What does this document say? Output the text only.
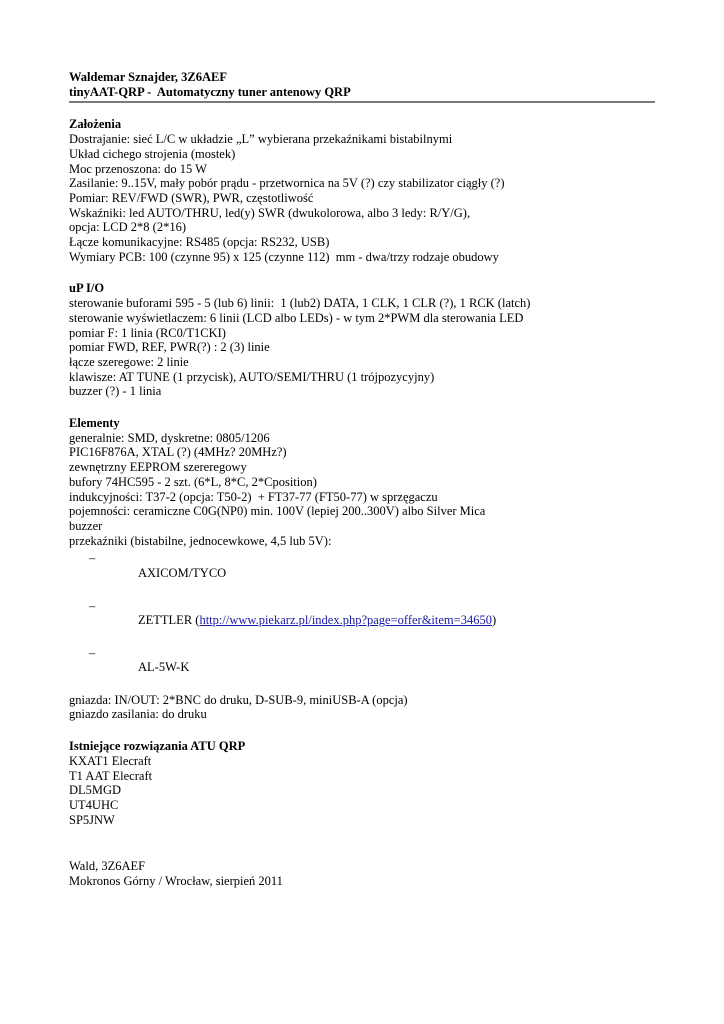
Waldemar Sznajder, 3Z6AEF
tinyAAT-QRP -  Automatyczny tuner antenowy QRP
Założenia
Dostrajanie: sieć L/C w układzie „L” wybierana przekaźnikami bistabilnymi
Układ cichego strojenia (mostek)
Moc przenoszona: do 15 W
Zasilanie: 9..15V, mały pobór prądu - przetwornica na 5V (?) czy stabilizator ciągły (?)
Pomiar: REV/FWD (SWR), PWR, częstotliwość
Wskaźniki: led AUTO/THRU, led(y) SWR (dwukolorowa, albo 3 ledy: R/Y/G),
opcja: LCD 2*8 (2*16)
Łącze komunikacyjne: RS485 (opcja: RS232, USB)
Wymiary PCB: 100 (czynne 95) x 125 (czynne 112)  mm - dwa/trzy rodzaje obudowy
uP I/O
sterowanie buforami 595 - 5 (lub 6) linii:  1 (lub2) DATA, 1 CLK, 1 CLR (?), 1 RCK (latch)
sterowanie wyświetlaczem: 6 linii (LCD albo LEDs) - w tym 2*PWM dla sterowania LED
pomiar F: 1 linia (RC0/T1CKI)
pomiar FWD, REF, PWR(?) : 2 (3) linie
łącze szeregowe: 2 linie
klawisze: AT TUNE (1 przycisk), AUTO/SEMI/THRU (1 trójpozycyjny)
buzzer (?) - 1 linia
Elementy
generalnie: SMD, dyskretne: 0805/1206
PIC16F876A, XTAL (?) (4MHz? 20MHz?)
zewnętrzny EEPROM szereregowy
bufory 74HC595 - 2 szt. (6*L, 8*C, 2*Cposition)
indukcyjności: T37-2 (opcja: T50-2)  + FT37-77 (FT50-77) w sprzęgaczu
pojemności: ceramiczne C0G(NP0) min. 100V (lepiej 200..300V) albo Silver Mica
buzzer
przekaźniki (bistabilne, jednocewkowe, 4,5 lub 5V):

–
AXICOM/TYCO

–
ZETTLER (http://www.piekarz.pl/index.php?page=offer&item=34650)

–
AL-5W-K

gniazda: IN/OUT: 2*BNC do druku, D-SUB-9, miniUSB-A (opcja)
gniazdo zasilania: do druku
Istniejące rozwiązania ATU QRP
KXAT1 Elecraft
T1 AAT Elecraft
DL5MGD
UT4UHC
SP5JNW
Wald, 3Z6AEF
Mokronos Górny / Wrocław, sierpień 2011
